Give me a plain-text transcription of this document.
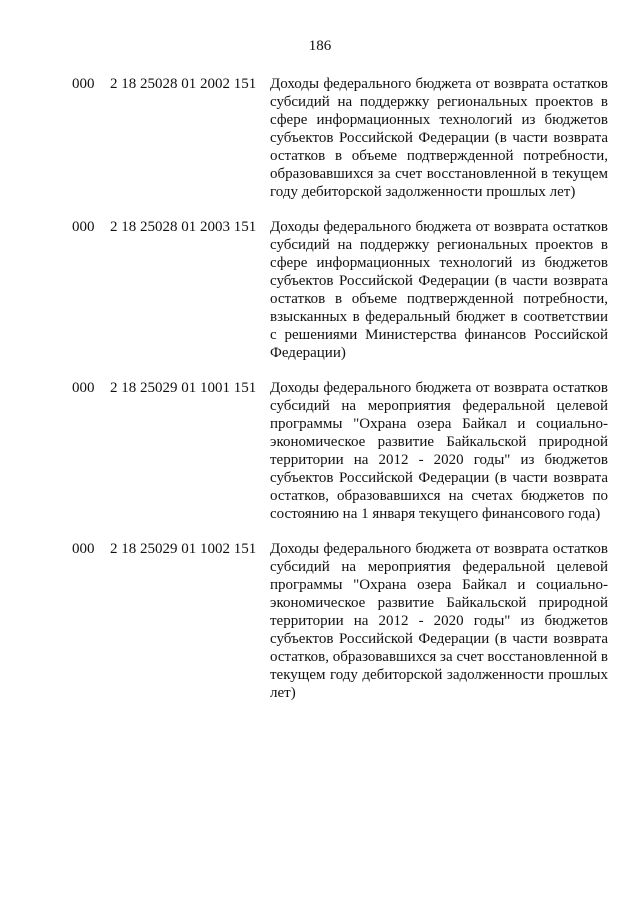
186
000	2 18 25028 01 2002 151 Доходы федерального бюджета от возврата остатков субсидий на поддержку региональных проектов в сфере информационных технологий из бюджетов субъектов Российской Федерации (в части возврата остатков в объеме подтвержденной потребности, образовавшихся за счет восстановленной в текущем году дебиторской задолженности прошлых лет)
000	2 18 25028 01 2003 151 Доходы федерального бюджета от возврата остатков субсидий на поддержку региональных проектов в сфере информационных технологий из бюджетов субъектов Российской Федерации (в части возврата остатков в объеме подтвержденной потребности, взысканных в федеральный бюджет в соответствии с решениями Министерства финансов Российской Федерации)
000	2 18 25029 01 1001 151 Доходы федерального бюджета от возврата остатков субсидий на мероприятия федеральной целевой программы "Охрана озера Байкал и социально-экономическое развитие Байкальской природной территории на 2012 - 2020 годы" из бюджетов субъектов Российской Федерации (в части возврата остатков, образовавшихся на счетах бюджетов по состоянию на 1 января текущего финансового года)
000	2 18 25029 01 1002 151 Доходы федерального бюджета от возврата остатков субсидий на мероприятия федеральной целевой программы "Охрана озера Байкал и социально-экономическое развитие Байкальской природной территории на 2012 - 2020 годы" из бюджетов субъектов Российской Федерации (в части возврата остатков, образовавшихся за счет восстановленной в текущем году дебиторской задолженности прошлых лет)
